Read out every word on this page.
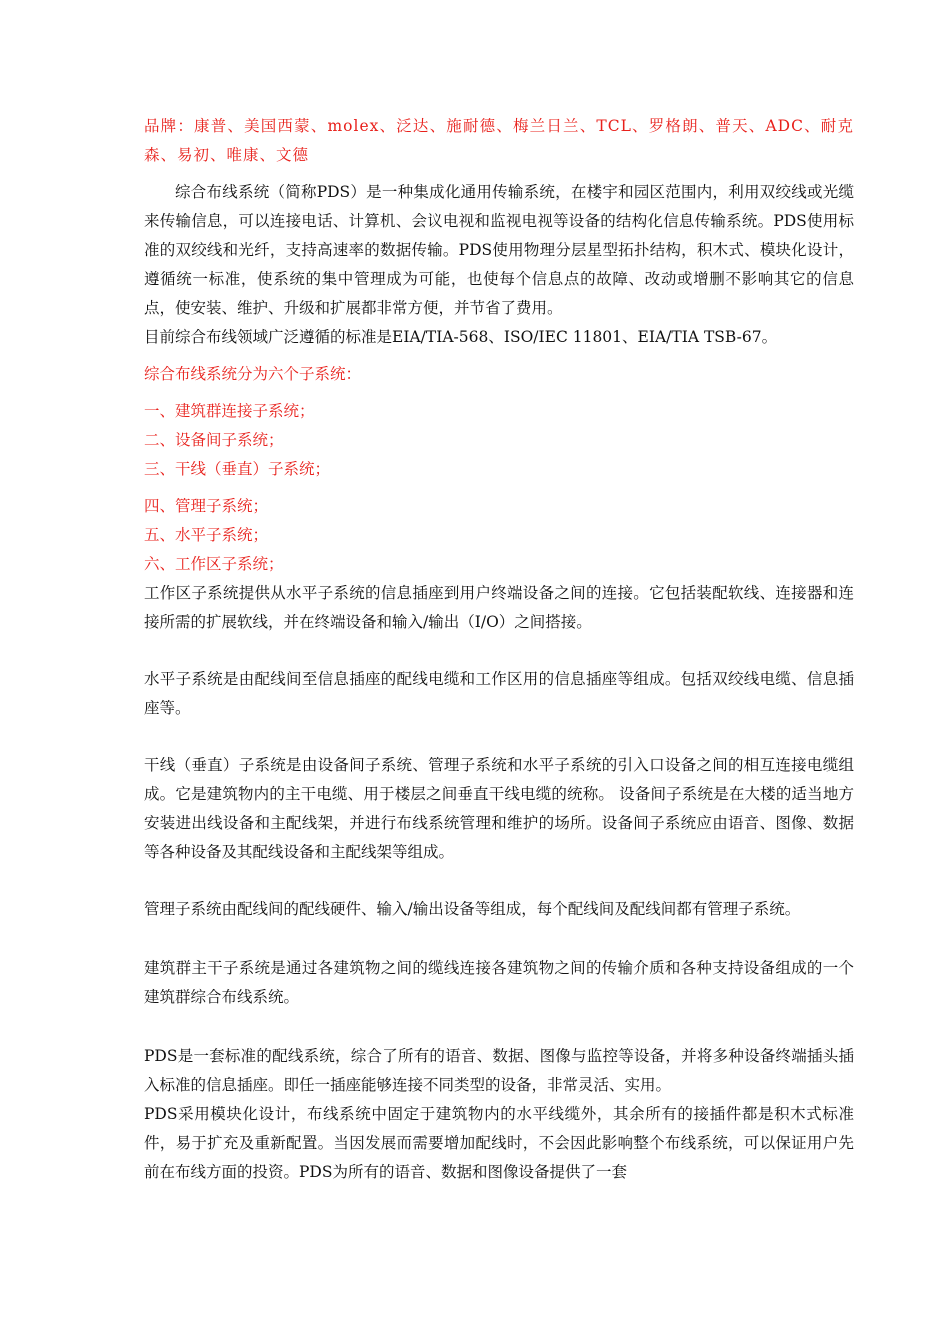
品牌：康普、美国西蒙、molex、泛达、施耐德、梅兰日兰、TCL、罗格朗、普天、ADC、耐克森、易初、唯康、文德

综合布线系统（简称PDS）是一种集成化通用传输系统，在楼宇和园区范围内，利用双绞线或光缆来传输信息，可以连接电话、计算机、会议电视和监视电视等设备的结构化信息传输系统。PDS使用标准的双绞线和光纤，支持高速率的数据传输。PDS使用物理分层星型拓扑结构，积木式、模块化设计，遵循统一标准，使系统的集中管理成为可能，也使每个信息点的故障、改动或增删不影响其它的信息点，使安装、维护、升级和扩展都非常方便，并节省了费用。

目前综合布线领域广泛遵循的标准是EIA/TIA-568、ISO/IEC 11801、EIA/TIA TSB-67。

综合布线系统分为六个子系统：

一、建筑群连接子系统；

二、设备间子系统；

三、干线（垂直）子系统；

四、管理子系统；

五、水平子系统；

六、工作区子系统；

工作区子系统提供从水平子系统的信息插座到用户终端设备之间的连接。它包括装配软线、连接器和连接所需的扩展软线，并在终端设备和输入/输出（I/O）之间搭接。

水平子系统是由配线间至信息插座的配线电缆和工作区用的信息插座等组成。包括双绞线电缆、信息插座等。

干线（垂直）子系统是由设备间子系统、管理子系统和水平子系统的引入口设备之间的相互连接电缆组成。它是建筑物内的主干电缆、用于楼层之间垂直干线电缆的统称。 设备间子系统是在大楼的适当地方安装进出线设备和主配线架，并进行布线系统管理和维护的场所。设备间子系统应由语音、图像、数据等各种设备及其配线设备和主配线架等组成。

管理子系统由配线间的配线硬件、输入/输出设备等组成，每个配线间及配线间都有管理子系统。

建筑群主干子系统是通过各建筑物之间的缆线连接各建筑物之间的传输介质和各种支持设备组成的一个建筑群综合布线系统。

PDS是一套标准的配线系统，综合了所有的语音、数据、图像与监控等设备，并将多种设备终端插头插入标准的信息插座。即任一插座能够连接不同类型的设备，非常灵活、实用。

PDS采用模块化设计，布线系统中固定于建筑物内的水平线缆外，其余所有的接插件都是积木式标准件，易于扩充及重新配置。当因发展而需要增加配线时，不会因此影响整个布线系统，可以保证用户先前在布线方面的投资。PDS为所有的语音、数据和图像设备提供了一套
